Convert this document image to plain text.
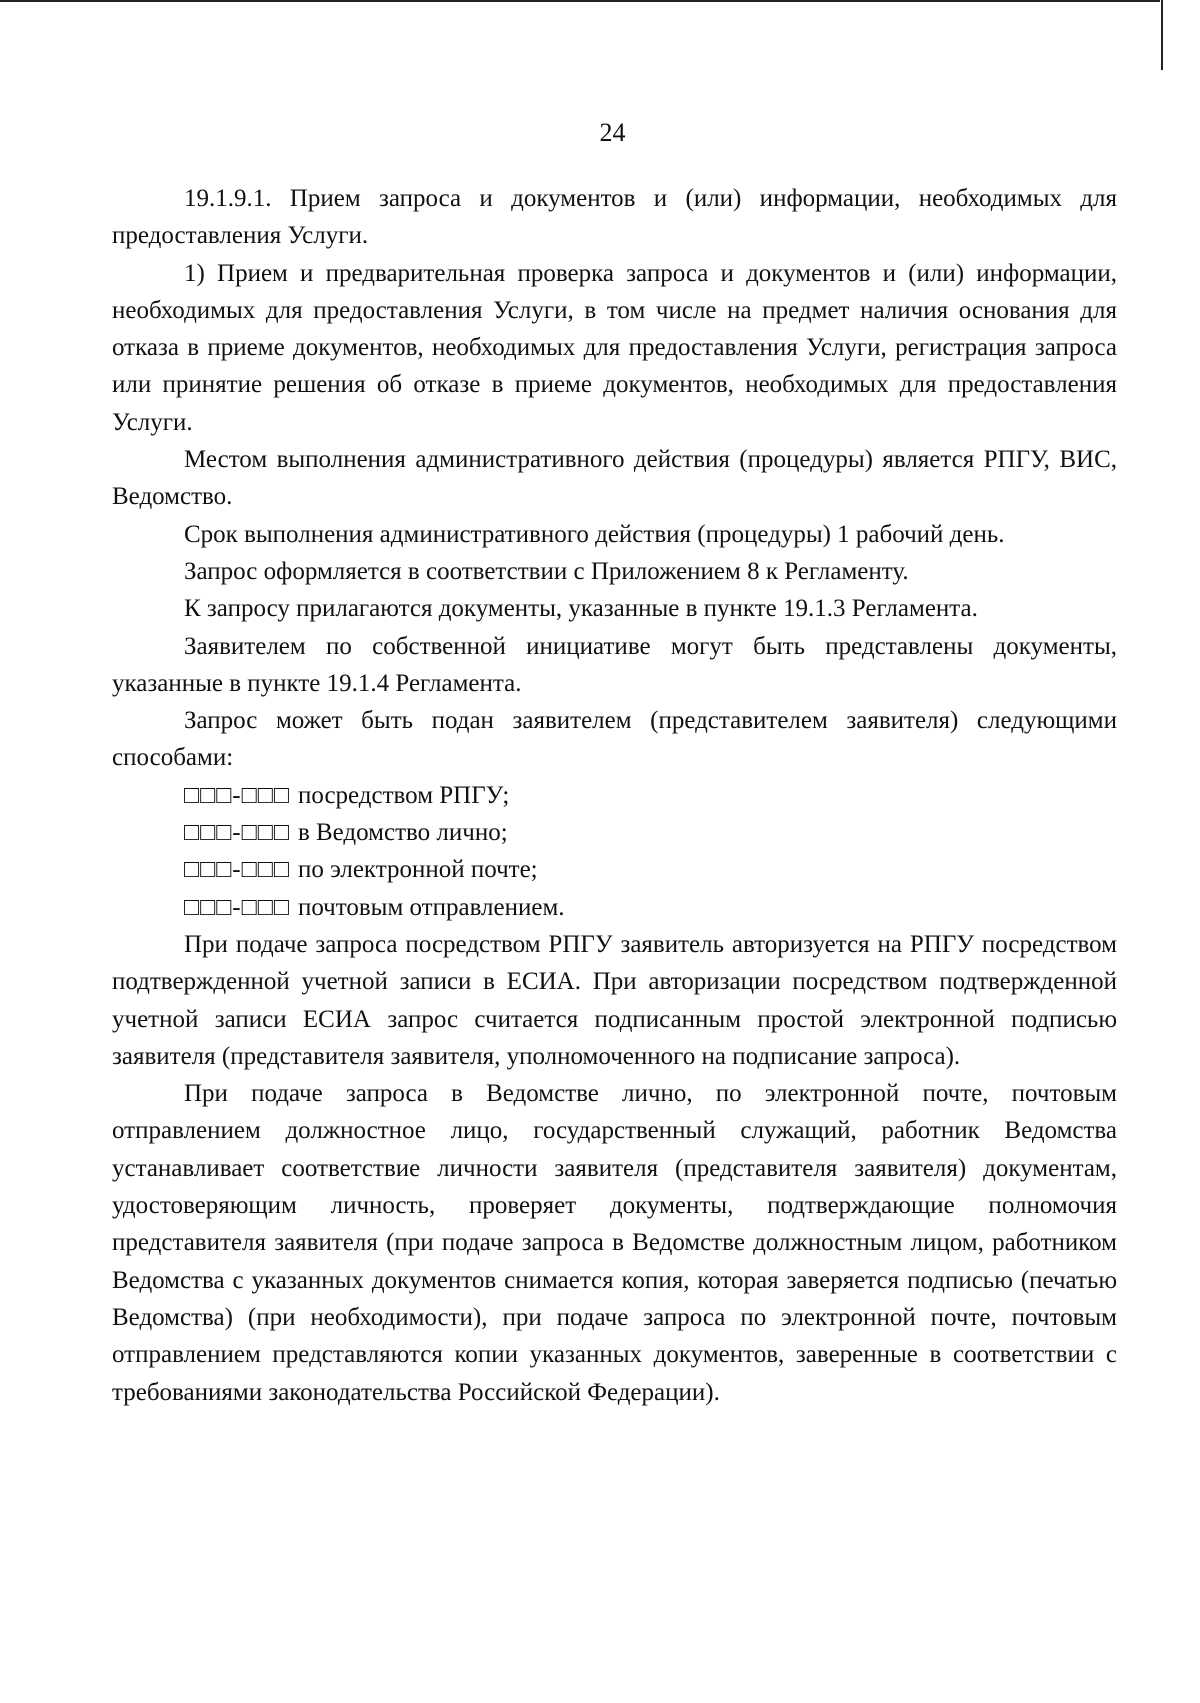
24

19.1.9.1. Прием запроса и документов и (или) информации, необходимых для предоставления Услуги.

1) Прием и предварительная проверка запроса и документов и (или) информации, необходимых для предоставления Услуги, в том числе на предмет наличия основания для отказа в приеме документов, необходимых для предоставления Услуги, регистрация запроса или принятие решения об отказе в приеме документов, необходимых для предоставления Услуги.

Местом выполнения административного действия (процедуры) является РПГУ, ВИС, Ведомство.

Срок выполнения административного действия (процедуры) 1 рабочий день.

Запрос оформляется в соответствии с Приложением 8 к Регламенту.

К запросу прилагаются документы, указанные в пункте 19.1.3 Регламента.

Заявителем по собственной инициативе могут быть представлены документы, указанные в пункте 19.1.4 Регламента.

Запрос может быть подан заявителем (представителем заявителя) следующими способами:

□□□-□□□ посредством РПГУ;

□□□-□□□ в Ведомство лично;

□□□-□□□ по электронной почте;

□□□-□□□ почтовым отправлением.

При подаче запроса посредством РПГУ заявитель авторизуется на РПГУ посредством подтвержденной учетной записи в ЕСИА. При авторизации посредством подтвержденной учетной записи ЕСИА запрос считается подписанным простой электронной подписью заявителя (представителя заявителя, уполномоченного на подписание запроса).

При подаче запроса в Ведомстве лично, по электронной почте, почтовым отправлением должностное лицо, государственный служащий, работник Ведомства устанавливает соответствие личности заявителя (представителя заявителя) документам, удостоверяющим личность, проверяет документы, подтверждающие полномочия представителя заявителя (при подаче запроса в Ведомстве должностным лицом, работником Ведомства с указанных документов снимается копия, которая заверяется подписью (печатью Ведомства) (при необходимости), при подаче запроса по электронной почте, почтовым отправлением представляются копии указанных документов, заверенные в соответствии с требованиями законодательства Российской Федерации).
